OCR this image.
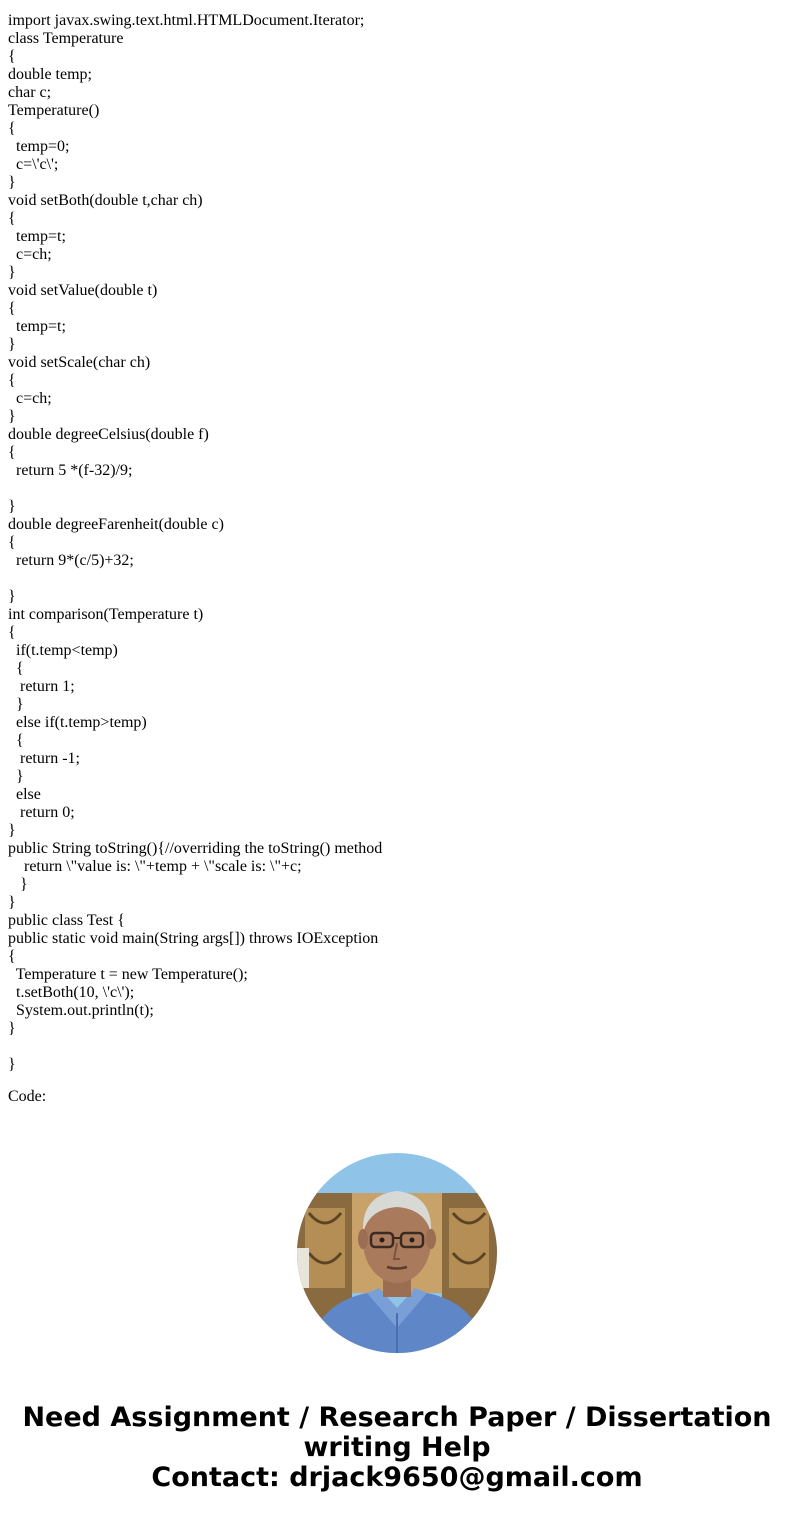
import javax.swing.text.html.HTMLDocument.Iterator;
class Temperature
{
double temp;
char c;
Temperature()
{
temp=0;
c=\'c\';
}
void setBoth(double t,char ch)
{
temp=t;
c=ch;
}
void setValue(double t)
{
temp=t;
}
void setScale(char ch)
{
c=ch;
}
double degreeCelsius(double f)
{
return 5 *(f-32)/9;
}
double degreeFarenheit(double c)
{
return 9*(c/5)+32;
}
int comparison(Temperature t)
{
if(t.temp<temp)
{
return 1;
}
else if(t.temp>temp)
{
return -1;
}
else
return 0;
}
public String toString(){//overriding the toString() method
return \"value is: \"+temp + \"scale is: \"+c;
}
}
public class Test {
public static void main(String args[]) throws IOException
{
Temperature t = new Temperature();
t.setBoth(10, \'c\');
System.out.println(t);
}
}
Code:
Need Assignment / Research Paper / Dissertation
writing Help
Contact: drjack9650@gmail.com
